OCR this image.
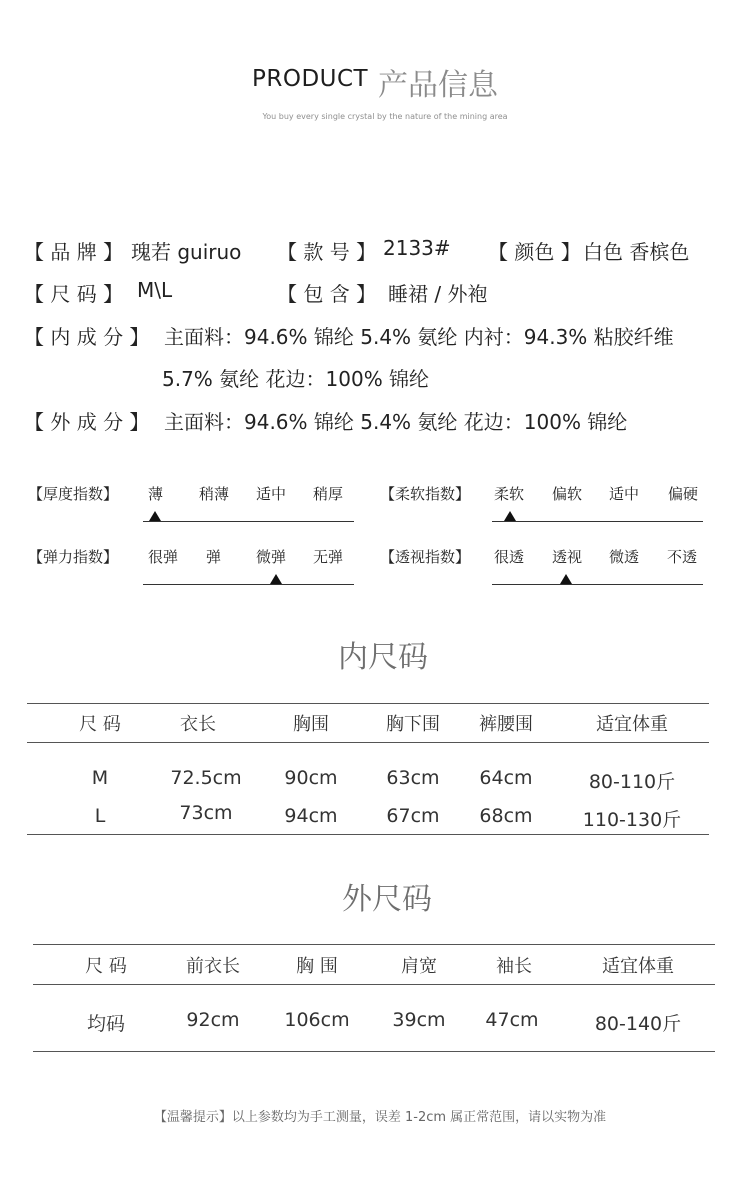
PRODUCT 产品信息
You buy every single crystal by the nature of the mining area
【 品 牌 】 瑰若 guiruo 【 款 号 】 2133# 【 颜色 】 白色 香槟色
【 尺 码 】 M\L	【 包 含 】 睡裙 / 外袍
【 内 成 分 】 主面料：94.6% 锦纶 5.4% 氨纶 内衬：94.3% 粘胶纤维
5.7% 氨纶 花边：100% 锦纶
【 外 成 分 】 主面料：94.6% 锦纶 5.4% 氨纶 花边：100% 锦纶
【厚度指数】 薄 稍薄 适中 稍厚 【柔软指数】 柔软 偏软 适中 偏硬
【弹力指数】 很弹 弹 微弹 无弹 【透视指数】 很透 透视 微透 不透
内尺码
尺 码	衣长	胸围	胸下围	裤腰围	适宜体重
M	72.5cm	90cm	63cm	64cm	80-110斤
L	73cm	94cm	67cm	68cm	110-130斤
外尺码
尺 码	前衣长	胸 围	肩宽	袖长	适宜体重
均码	92cm	106cm	39cm	47cm	80-140斤
【温馨提示】以上参数均为手工测量，误差 1-2cm 属正常范围，请以实物为准
